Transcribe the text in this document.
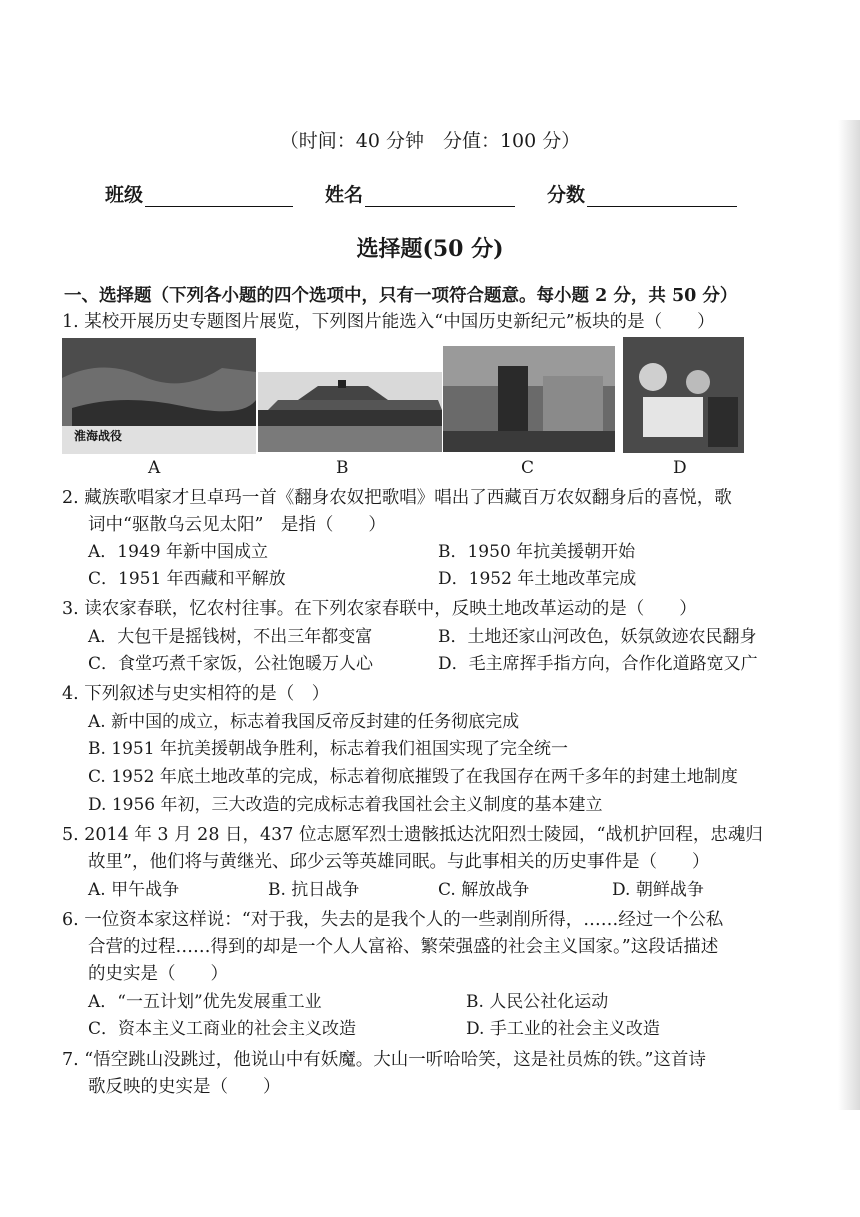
（时间：40 分钟　分值：100 分）
班级	姓名	分数
选择题(50 分)
一、选择题（下列各小题的四个选项中，只有一项符合题意。每小题 2 分，共 50 分）
1. 某校开展历史专题图片展览，下列图片能选入“中国历史新纪元”板块的是（　　）
淮海战役
A	B	C	D
2. 藏族歌唱家才旦卓玛一首《翻身农奴把歌唱》唱出了西藏百万农奴翻身后的喜悦，歌
词中“驱散乌云见太阳”　是指（　　）
A．1949 年新中国成立	B．1950 年抗美援朝开始
C．1951 年西藏和平解放	D．1952 年土地改革完成
3. 读农家春联，忆农村往事。在下列农家春联中，反映土地改革运动的是（　　）
A．大包干是摇钱树，不出三年都变富	B．土地还家山河改色，妖氛敛迹农民翻身
C．食堂巧煮千家饭，公社饱暖万人心	D．毛主席挥手指方向，合作化道路宽又广
4. 下列叙述与史实相符的是（　）
A. 新中国的成立，标志着我国反帝反封建的任务彻底完成
B. 1951 年抗美援朝战争胜利，标志着我们祖国实现了完全统一
C. 1952 年底土地改革的完成，标志着彻底摧毁了在我国存在两千多年的封建土地制度
D. 1956 年初，三大改造的完成标志着我国社会主义制度的基本建立
5. 2014 年 3 月 28 日，437 位志愿军烈士遗骸抵达沈阳烈士陵园，“战机护回程，忠魂归
故里”，他们将与黄继光、邱少云等英雄同眠。与此事相关的历史事件是（　　）
A. 甲午战争	B. 抗日战争	C. 解放战争	D. 朝鲜战争
6. 一位资本家这样说：“对于我，失去的是我个人的一些剥削所得，……经过一个公私
合营的过程……得到的却是一个人人富裕、繁荣强盛的社会主义国家。”这段话描述
的史实是（　　）
A．“一五计划”优先发展重工业	B. 人民公社化运动
C．资本主义工商业的社会主义改造	D. 手工业的社会主义改造
7. “悟空跳山没跳过，他说山中有妖魔。大山一听哈哈笑，这是社员炼的铁。”这首诗
歌反映的史实是（　　）
